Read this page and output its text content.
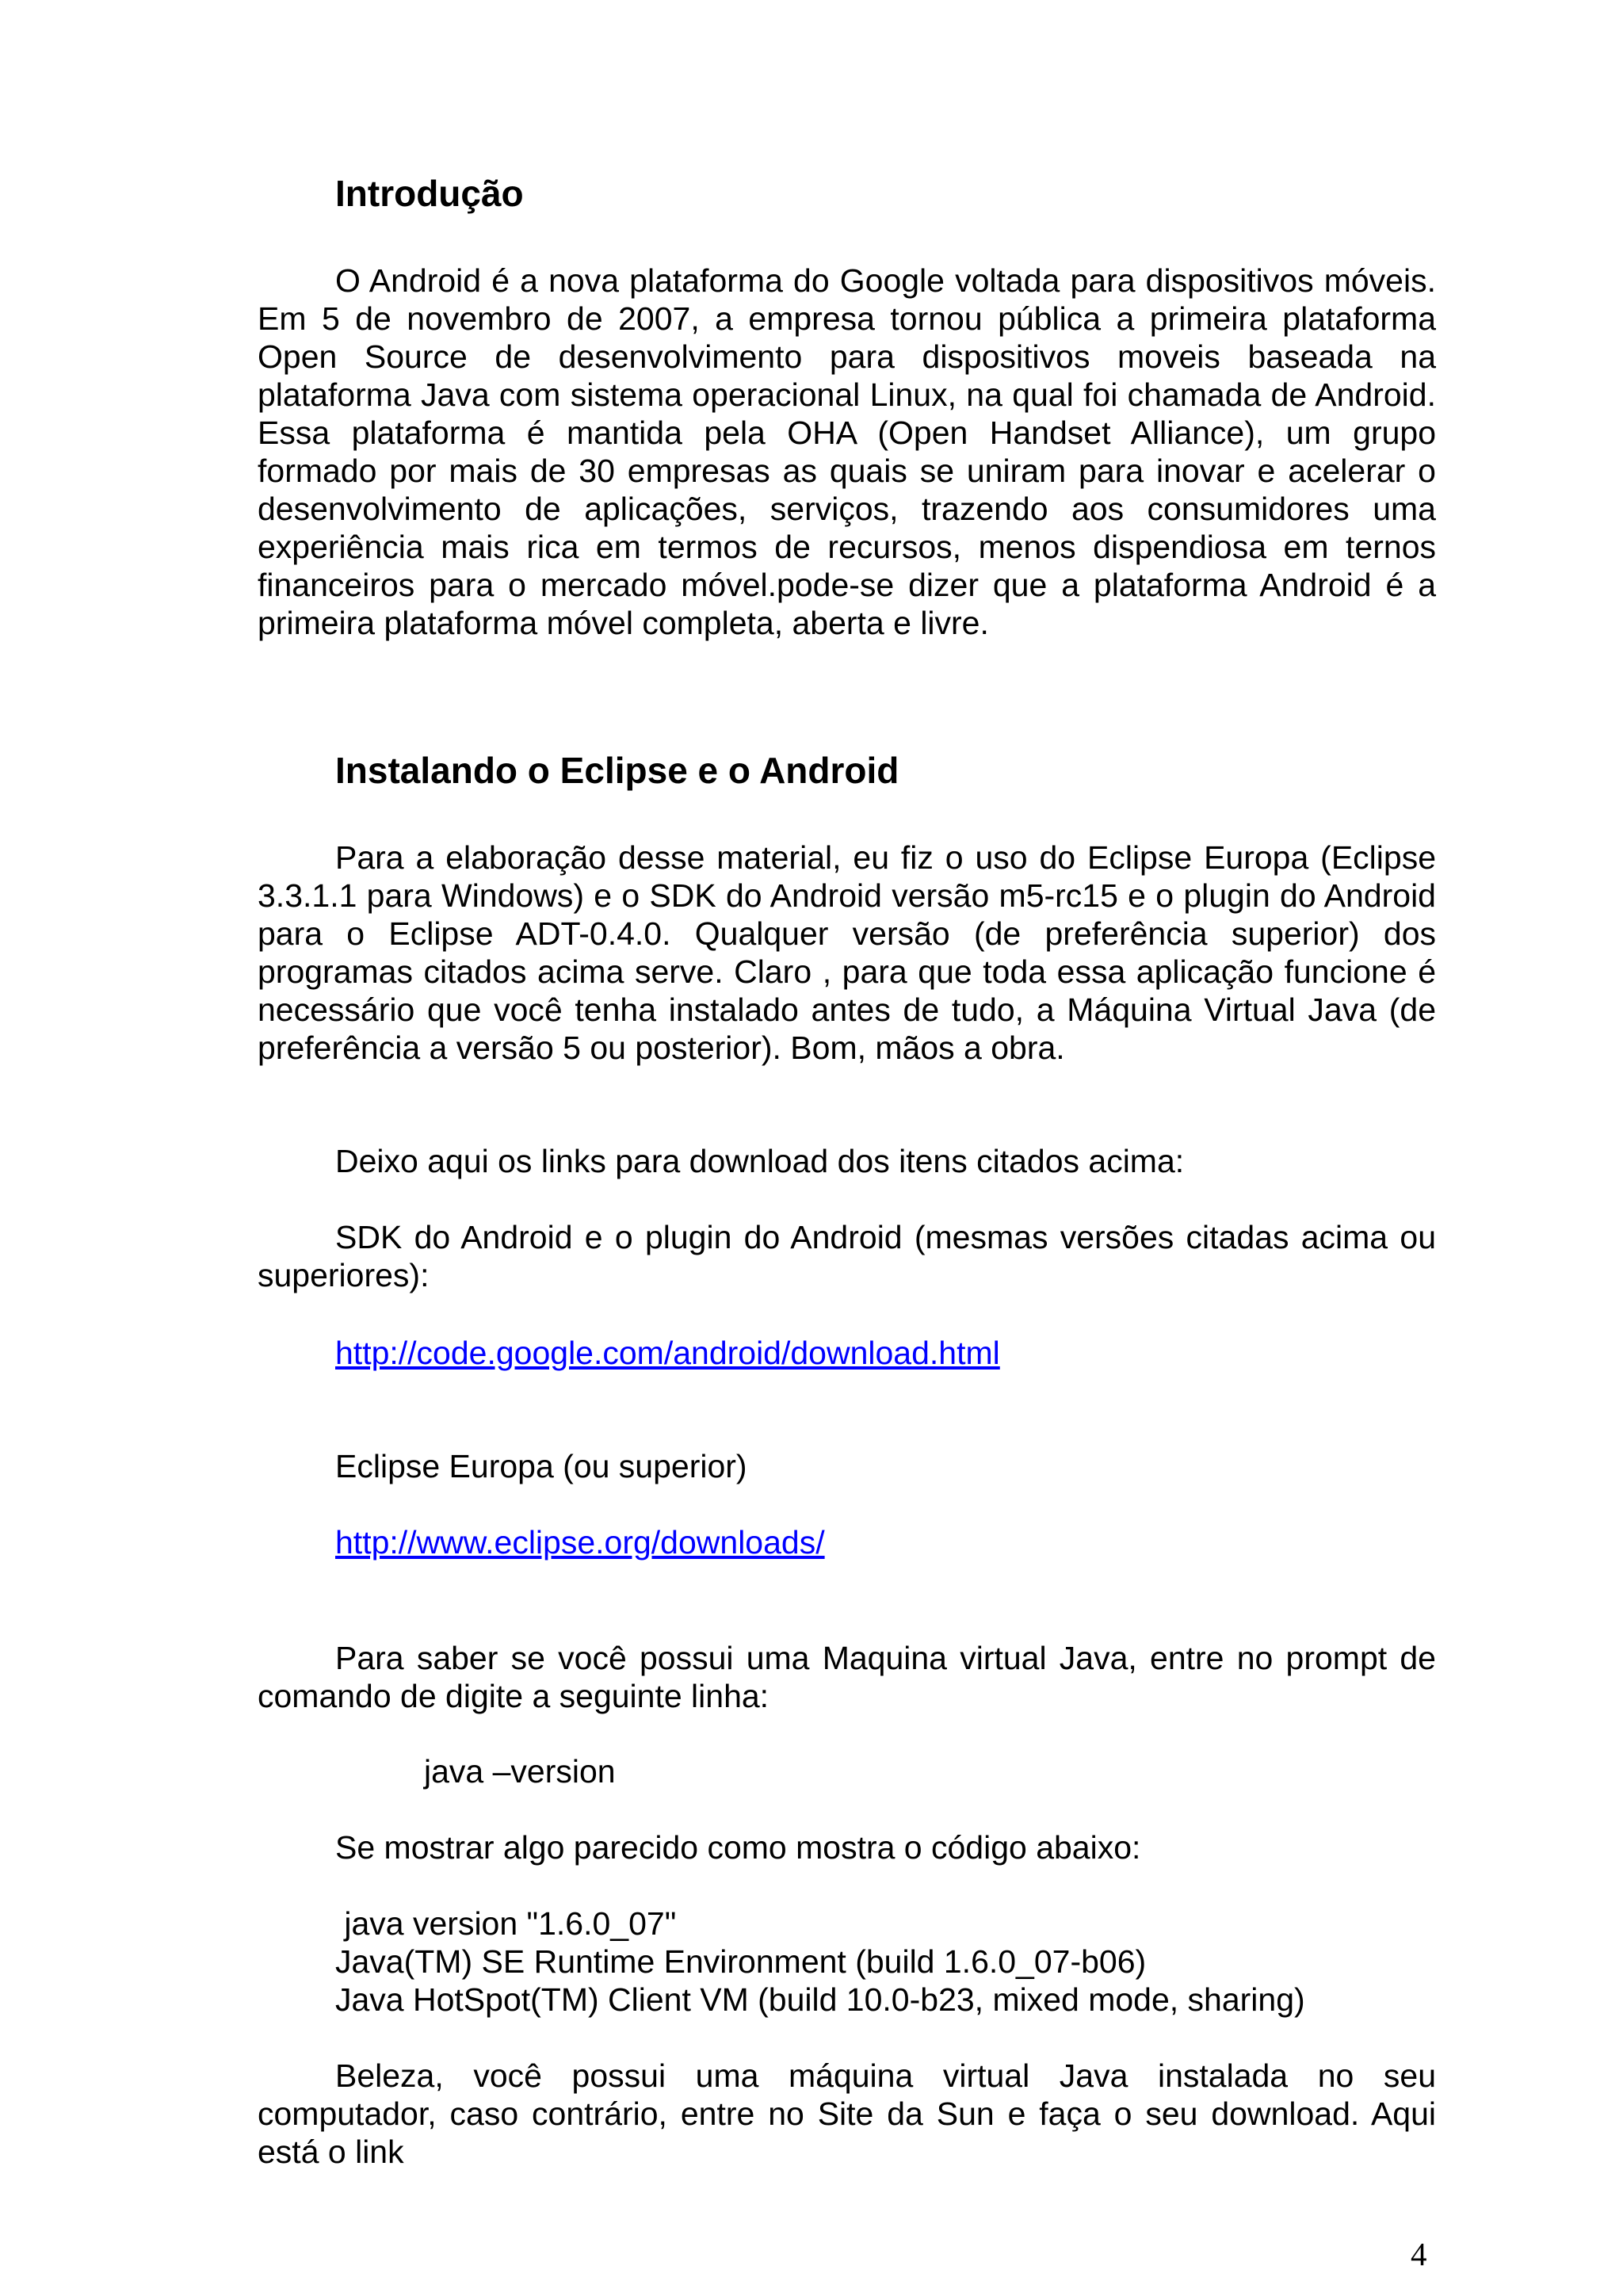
Introdução

O Android é a nova plataforma do Google voltada para dispositivos móveis. Em 5 de novembro de 2007, a empresa tornou pública a primeira plataforma Open Source de desenvolvimento para dispositivos moveis baseada na plataforma Java com sistema operacional Linux, na qual foi chamada de Android. Essa plataforma é mantida pela OHA (Open Handset Alliance), um grupo formado por mais de 30 empresas as quais se uniram para inovar e acelerar o desenvolvimento de aplicações, serviços, trazendo aos consumidores uma experiência mais rica em termos de recursos, menos dispendiosa em ternos financeiros para o mercado móvel.pode-se dizer que a plataforma Android é a primeira plataforma móvel completa, aberta e livre.

Instalando o Eclipse e o Android

Para a elaboração desse material, eu fiz o uso do Eclipse Europa (Eclipse 3.3.1.1 para Windows) e o SDK do Android versão m5-rc15 e o plugin do Android para o Eclipse ADT-0.4.0. Qualquer versão (de preferência superior) dos programas citados acima serve. Claro , para que toda essa aplicação funcione é necessário que você tenha instalado antes de tudo, a Máquina Virtual Java (de preferência a versão 5 ou posterior). Bom, mãos a obra.

Deixo aqui os links para download dos itens citados acima:

SDK do Android e o plugin do Android (mesmas versões citadas acima ou superiores):

http://code.google.com/android/download.html

Eclipse Europa (ou superior)

http://www.eclipse.org/downloads/

Para saber se você possui uma Maquina virtual Java, entre no prompt de comando de digite a seguinte linha:

java –version

Se mostrar algo parecido como mostra o código abaixo:

java version "1.6.0_07"

Java(TM) SE Runtime Environment (build 1.6.0_07-b06)

Java HotSpot(TM) Client VM (build 10.0-b23, mixed mode, sharing)

Beleza, você possui uma máquina virtual Java instalada no seu computador, caso contrário, entre no Site da Sun e faça o seu download. Aqui está o link

4
